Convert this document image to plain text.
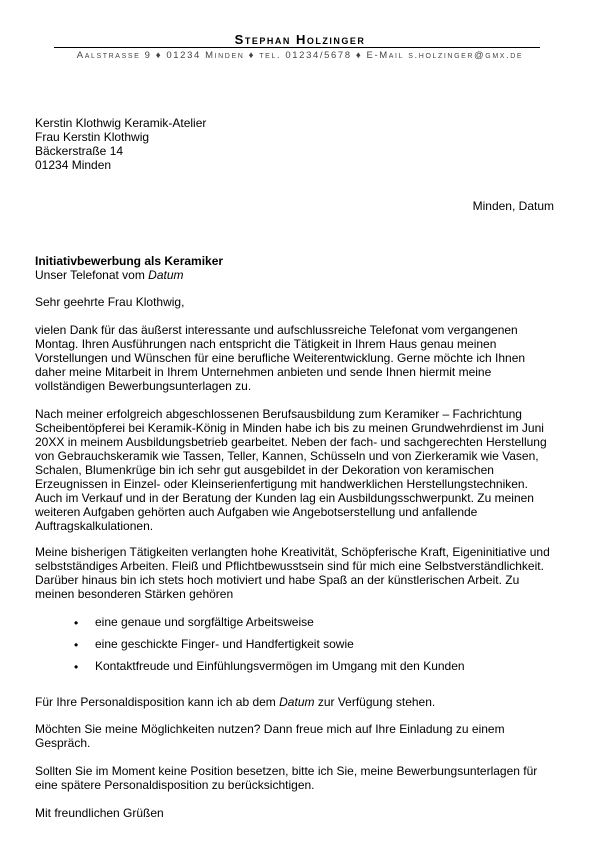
Stephan Holzinger
Aalstrasse 9 ♦ 01234 Minden ♦ tel. 01234/5678 ♦ E-Mail s.holzinger@gmx.de
Kerstin Klothwig Keramik-Atelier
Frau Kerstin Klothwig
Bäckerstraße 14
01234 Minden
Minden, Datum
Initiativbewerbung als Keramiker
Unser Telefonat vom Datum
Sehr geehrte Frau Klothwig,
vielen Dank für das äußerst interessante und aufschlussreiche Telefonat vom vergangenen
Montag. Ihren Ausführungen nach entspricht die Tätigkeit in Ihrem Haus genau meinen
Vorstellungen und Wünschen für eine berufliche Weiterentwicklung. Gerne möchte ich Ihnen
daher meine Mitarbeit in Ihrem Unternehmen anbieten und sende Ihnen hiermit meine
vollständigen Bewerbungsunterlagen zu.
Nach meiner erfolgreich abgeschlossenen Berufsausbildung zum Keramiker – Fachrichtung
Scheibentöpferei bei Keramik-König in Minden habe ich bis zu meinen Grundwehrdienst im Juni
20XX in meinem Ausbildungsbetrieb gearbeitet. Neben der fach- und sachgerechten Herstellung
von Gebrauchskeramik wie Tassen, Teller, Kannen, Schüsseln und von Zierkeramik wie Vasen,
Schalen, Blumenkrüge bin ich sehr gut ausgebildet in der Dekoration von keramischen
Erzeugnissen in Einzel- oder Kleinserienfertigung mit handwerklichen Herstellungstechniken.
Auch im Verkauf und in der Beratung der Kunden lag ein Ausbildungsschwerpunkt. Zu meinen
weiteren Aufgaben gehörten auch Aufgaben wie Angebotserstellung und anfallende
Auftragskalkulationen.
Meine bisherigen Tätigkeiten verlangten hohe Kreativität, Schöpferische Kraft, Eigeninitiative und
selbstständiges Arbeiten. Fleiß und Pflichtbewusstsein sind für mich eine Selbstverständlichkeit.
Darüber hinaus bin ich stets hoch motiviert und habe Spaß an der künstlerischen Arbeit. Zu
meinen besonderen Stärken gehören
•	eine genaue und sorgfältige Arbeitsweise
•	eine geschickte Finger- und Handfertigkeit sowie
•	Kontaktfreude und Einfühlungsvermögen im Umgang mit den Kunden
Für Ihre Personaldisposition kann ich ab dem Datum zur Verfügung stehen.
Möchten Sie meine Möglichkeiten nutzen? Dann freue mich auf Ihre Einladung zu einem
Gespräch.
Sollten Sie im Moment keine Position besetzen, bitte ich Sie, meine Bewerbungsunterlagen für
eine spätere Personaldisposition zu berücksichtigen.
Mit freundlichen Grüßen
